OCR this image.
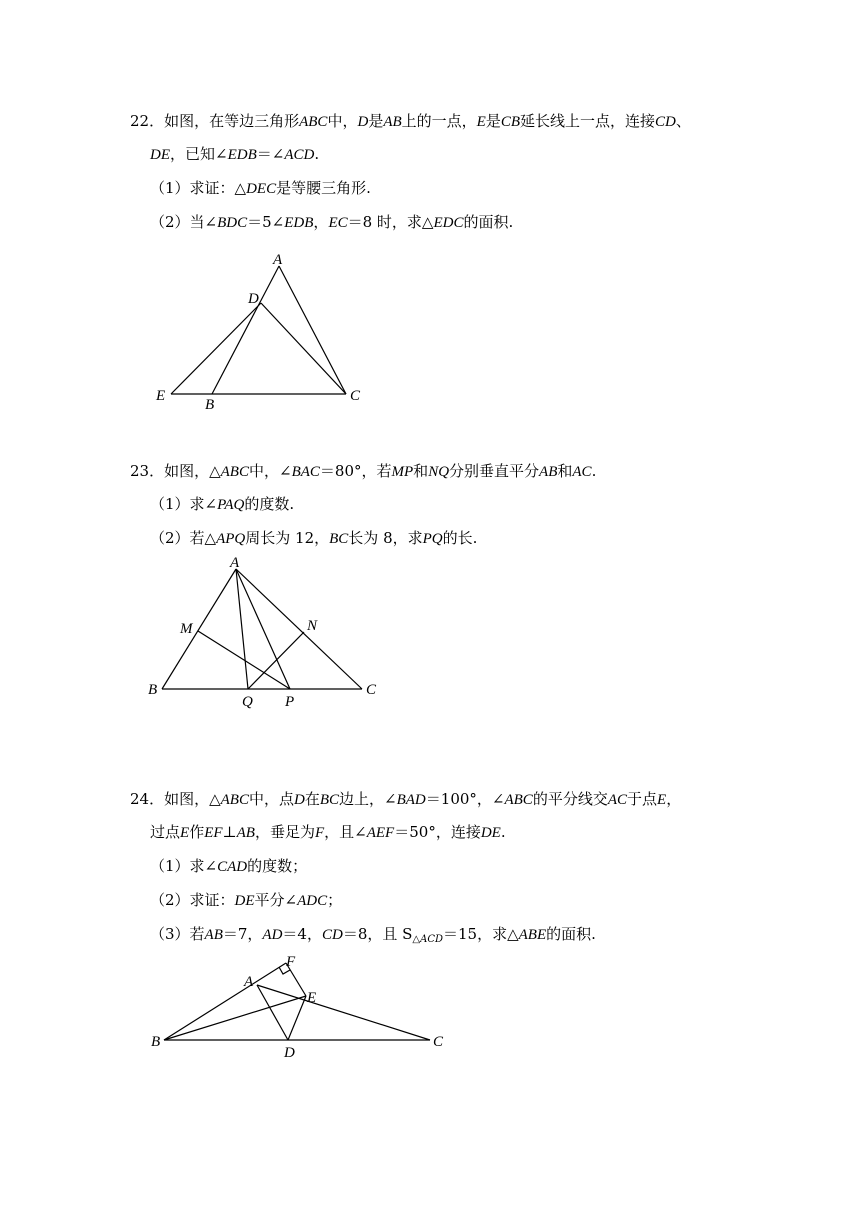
22．如图，在等边三角形ABC中，D是AB上的一点，E是CB延长线上一点，连接CD、
DE，已知∠EDB＝∠ACD.
（1）求证：△DEC是等腰三角形.
（2）当∠BDC＝5∠EDB，EC＝8 时，求△EDC的面积.
A
D
E
B
C
23．如图，△ABC中，∠BAC＝80°，若MP和NQ分别垂直平分AB和AC.
（1）求∠PAQ的度数.
（2）若△APQ周长为 12，BC长为 8，求PQ的长.
A
M	N
B	C
Q P
24．如图，△ABC中，点D在BC边上，∠BAD＝100°，∠ABC的平分线交AC于点E，
过点E作EF⊥AB，垂足为F，且∠AEF＝50°，连接DE.
（1）求∠CAD的度数；
（2）求证：DE平分∠ADC；
（3）若AB＝7，AD＝4，CD＝8，且 $S_{\triangle ACD}=15$，求△ABE的面积.
F
A
E
B
D
C
